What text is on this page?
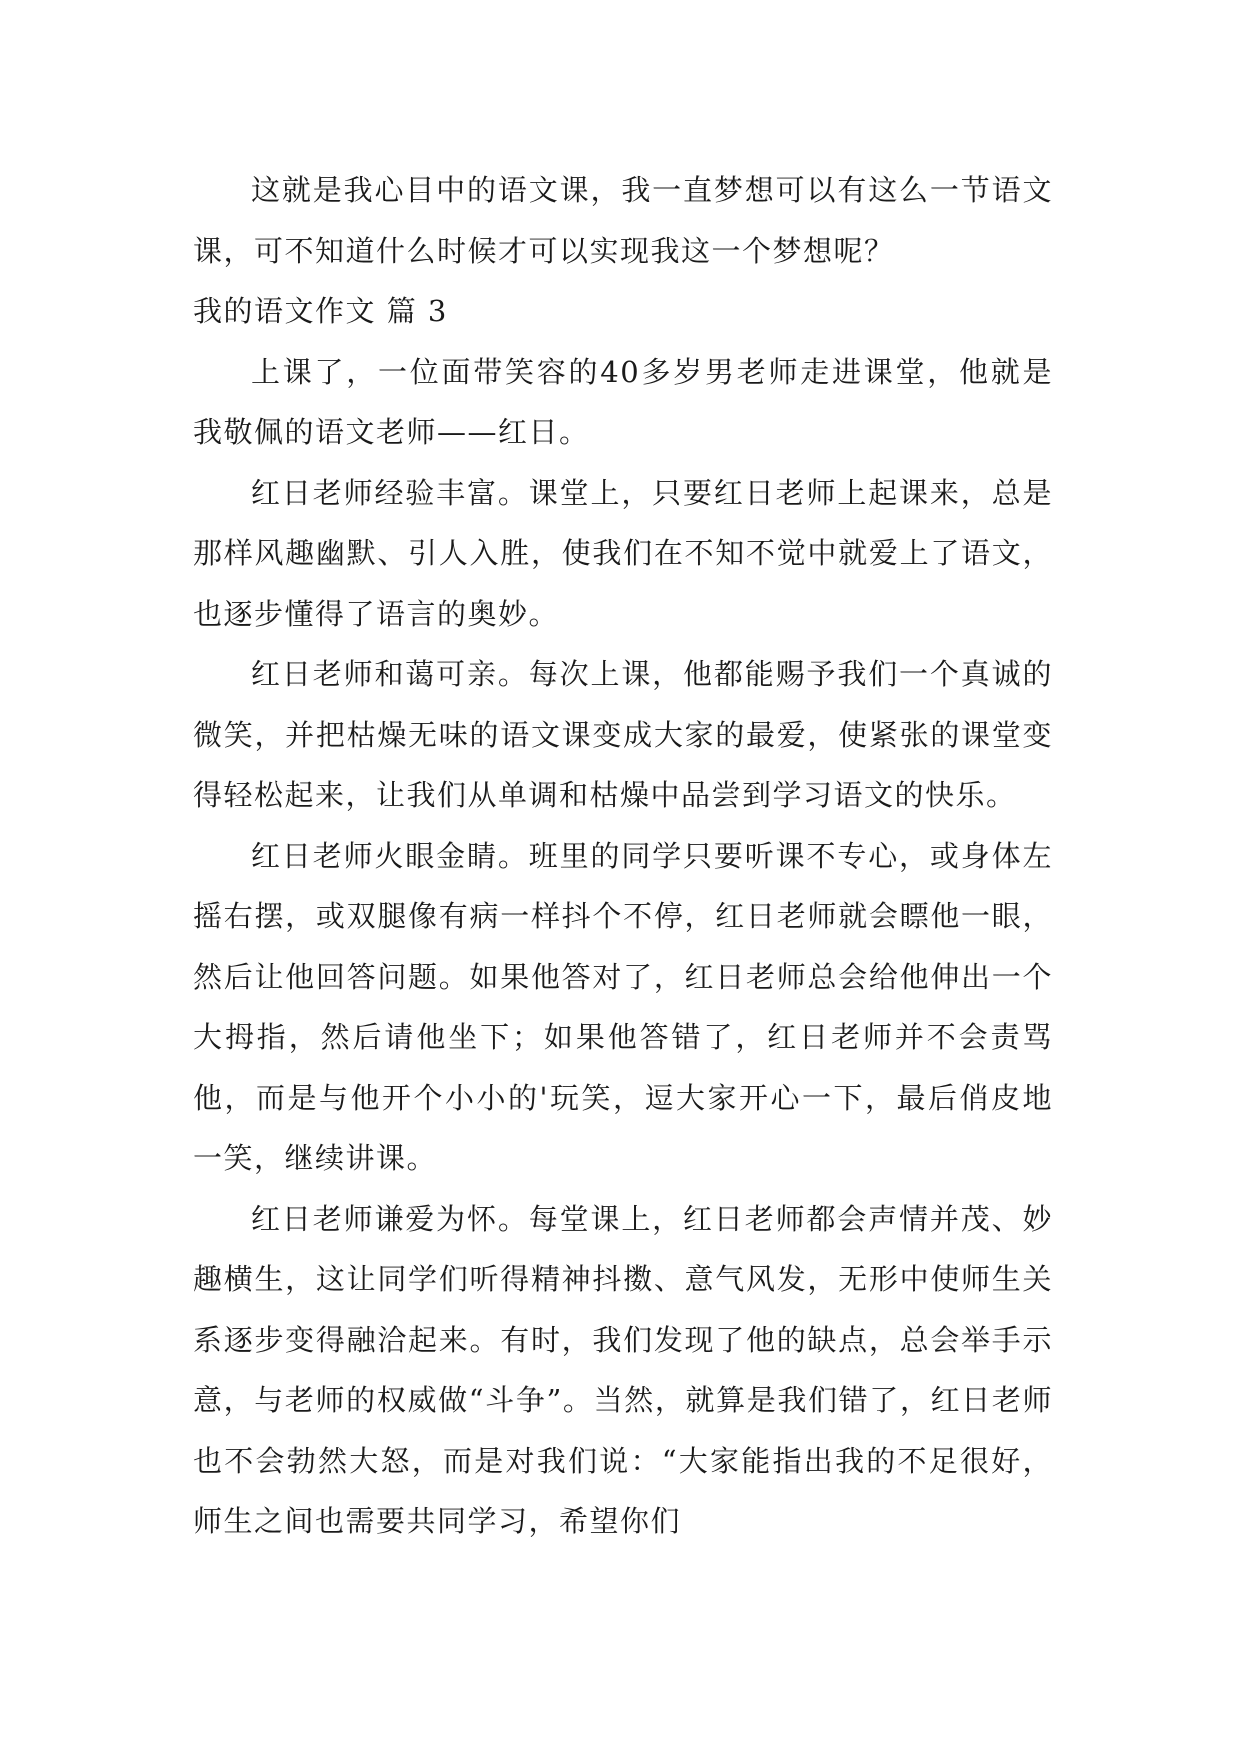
这就是我心目中的语文课，我一直梦想可以有这么一节语文课，可不知道什么时候才可以实现我这一个梦想呢？

我的语文作文 篇 3

上课了，一位面带笑容的40多岁男老师走进课堂，他就是我敬佩的语文老师——红日。

红日老师经验丰富。课堂上，只要红日老师上起课来，总是那样风趣幽默、引人入胜，使我们在不知不觉中就爱上了语文，也逐步懂得了语言的奥妙。

红日老师和蔼可亲。每次上课，他都能赐予我们一个真诚的微笑，并把枯燥无味的语文课变成大家的最爱，使紧张的课堂变得轻松起来，让我们从单调和枯燥中品尝到学习语文的快乐。

红日老师火眼金睛。班里的同学只要听课不专心，或身体左摇右摆，或双腿像有病一样抖个不停，红日老师就会瞟他一眼，然后让他回答问题。如果他答对了，红日老师总会给他伸出一个大拇指，然后请他坐下；如果他答错了，红日老师并不会责骂他，而是与他开个小小的'玩笑，逗大家开心一下，最后俏皮地一笑，继续讲课。

红日老师谦爱为怀。每堂课上，红日老师都会声情并茂、妙趣横生，这让同学们听得精神抖擞、意气风发，无形中使师生关系逐步变得融洽起来。有时，我们发现了他的缺点，总会举手示意，与老师的权威做“斗争”。当然，就算是我们错了，红日老师也不会勃然大怒，而是对我们说：“大家能指出我的不足很好，师生之间也需要共同学习，希望你们
